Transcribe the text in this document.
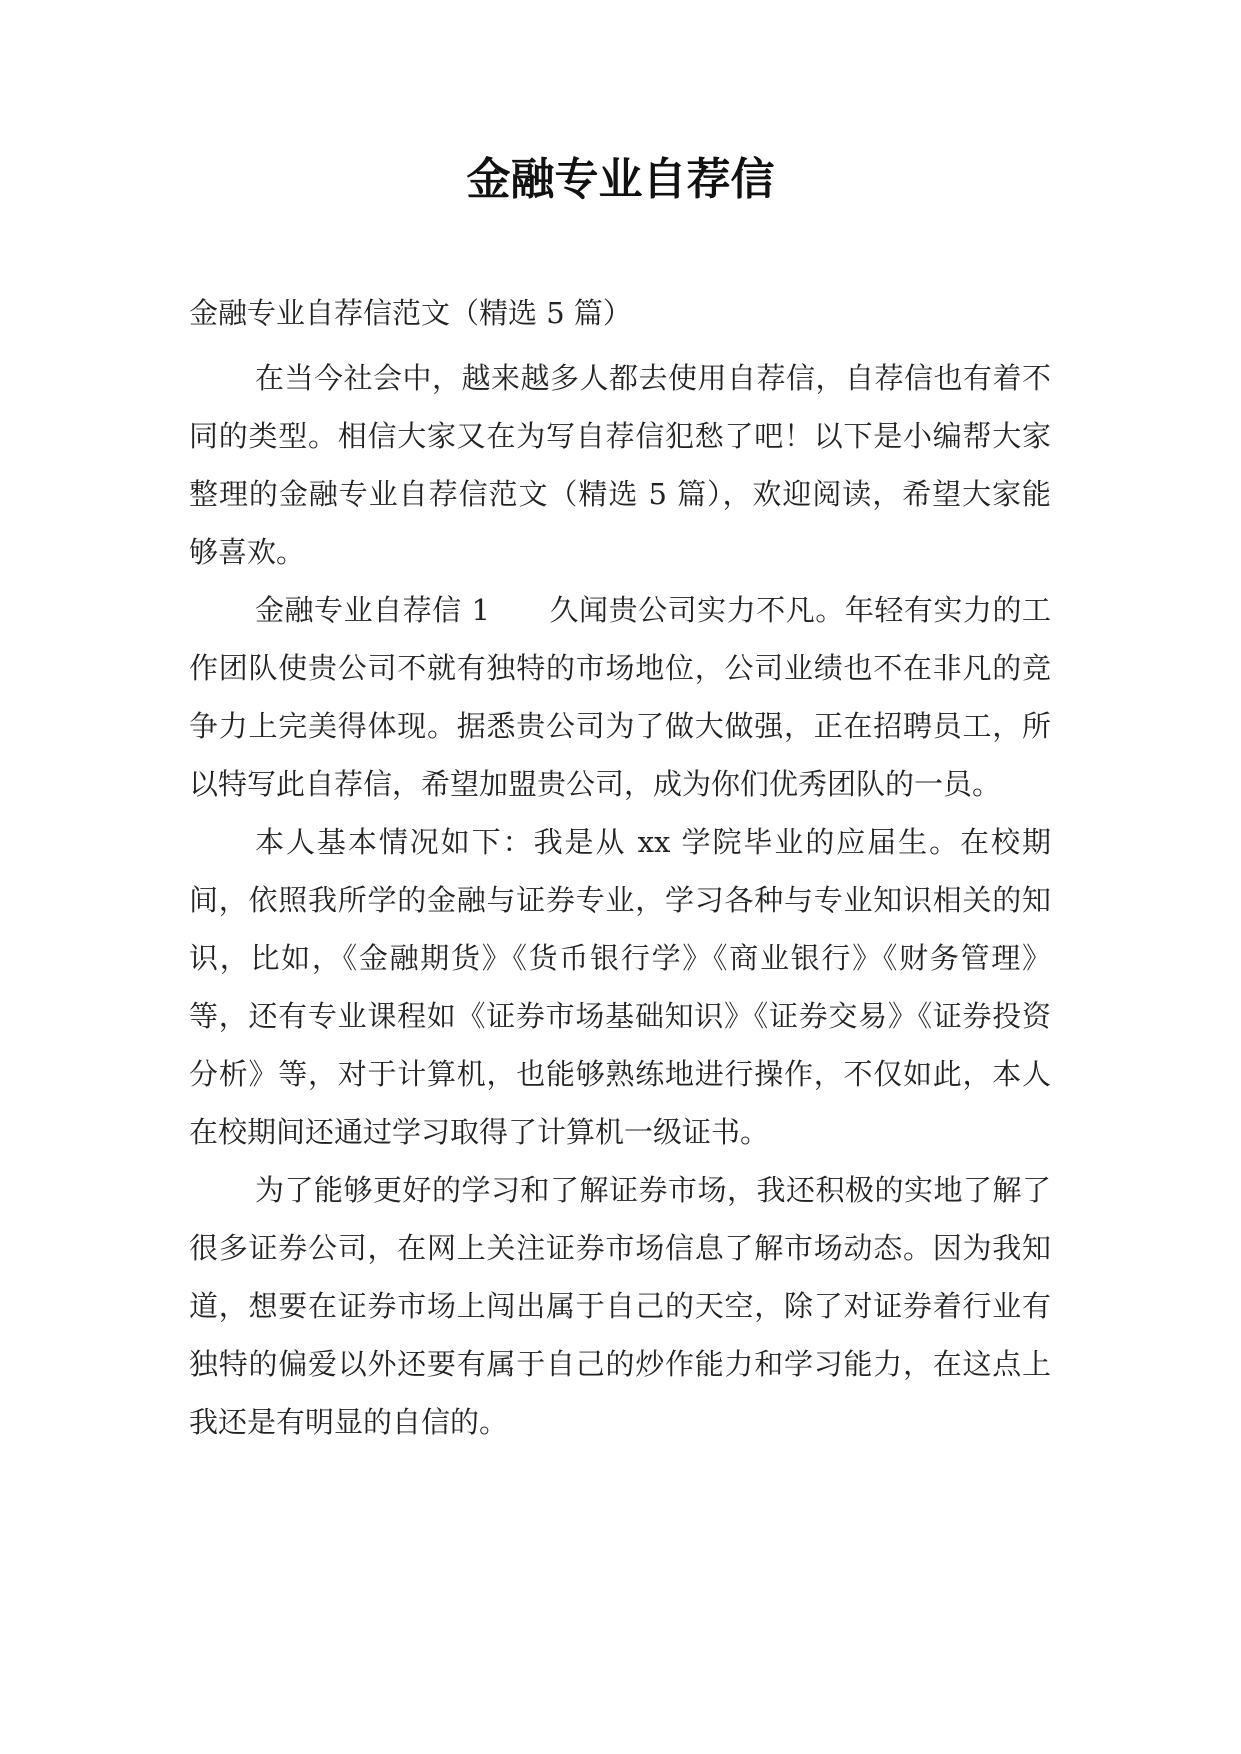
金融专业自荐信
金融专业自荐信范文（精选 5 篇）

在当今社会中，越来越多人都去使用自荐信，自荐信也有着不同的类型。相信大家又在为写自荐信犯愁了吧！以下是小编帮大家整理的金融专业自荐信范文（精选 5 篇），欢迎阅读，希望大家能够喜欢。

金融专业自荐信 1　　久闻贵公司实力不凡。年轻有实力的工作团队使贵公司不就有独特的市场地位，公司业绩也不在非凡的竞争力上完美得体现。据悉贵公司为了做大做强，正在招聘员工，所以特写此自荐信，希望加盟贵公司，成为你们优秀团队的一员。

本人基本情况如下：我是从 xx 学院毕业的应届生。在校期间，依照我所学的金融与证券专业，学习各种与专业知识相关的知识，比如，《金融期货》《货币银行学》《商业银行》《财务管理》等，还有专业课程如《证券市场基础知识》《证券交易》《证券投资分析》等，对于计算机，也能够熟练地进行操作，不仅如此，本人在校期间还通过学习取得了计算机一级证书。

为了能够更好的学习和了解证券市场，我还积极的实地了解了很多证券公司，在网上关注证券市场信息了解市场动态。因为我知道，想要在证券市场上闯出属于自己的天空，除了对证券着行业有独特的偏爱以外还要有属于自己的炒作能力和学习能力，在这点上我还是有明显的自信的。
